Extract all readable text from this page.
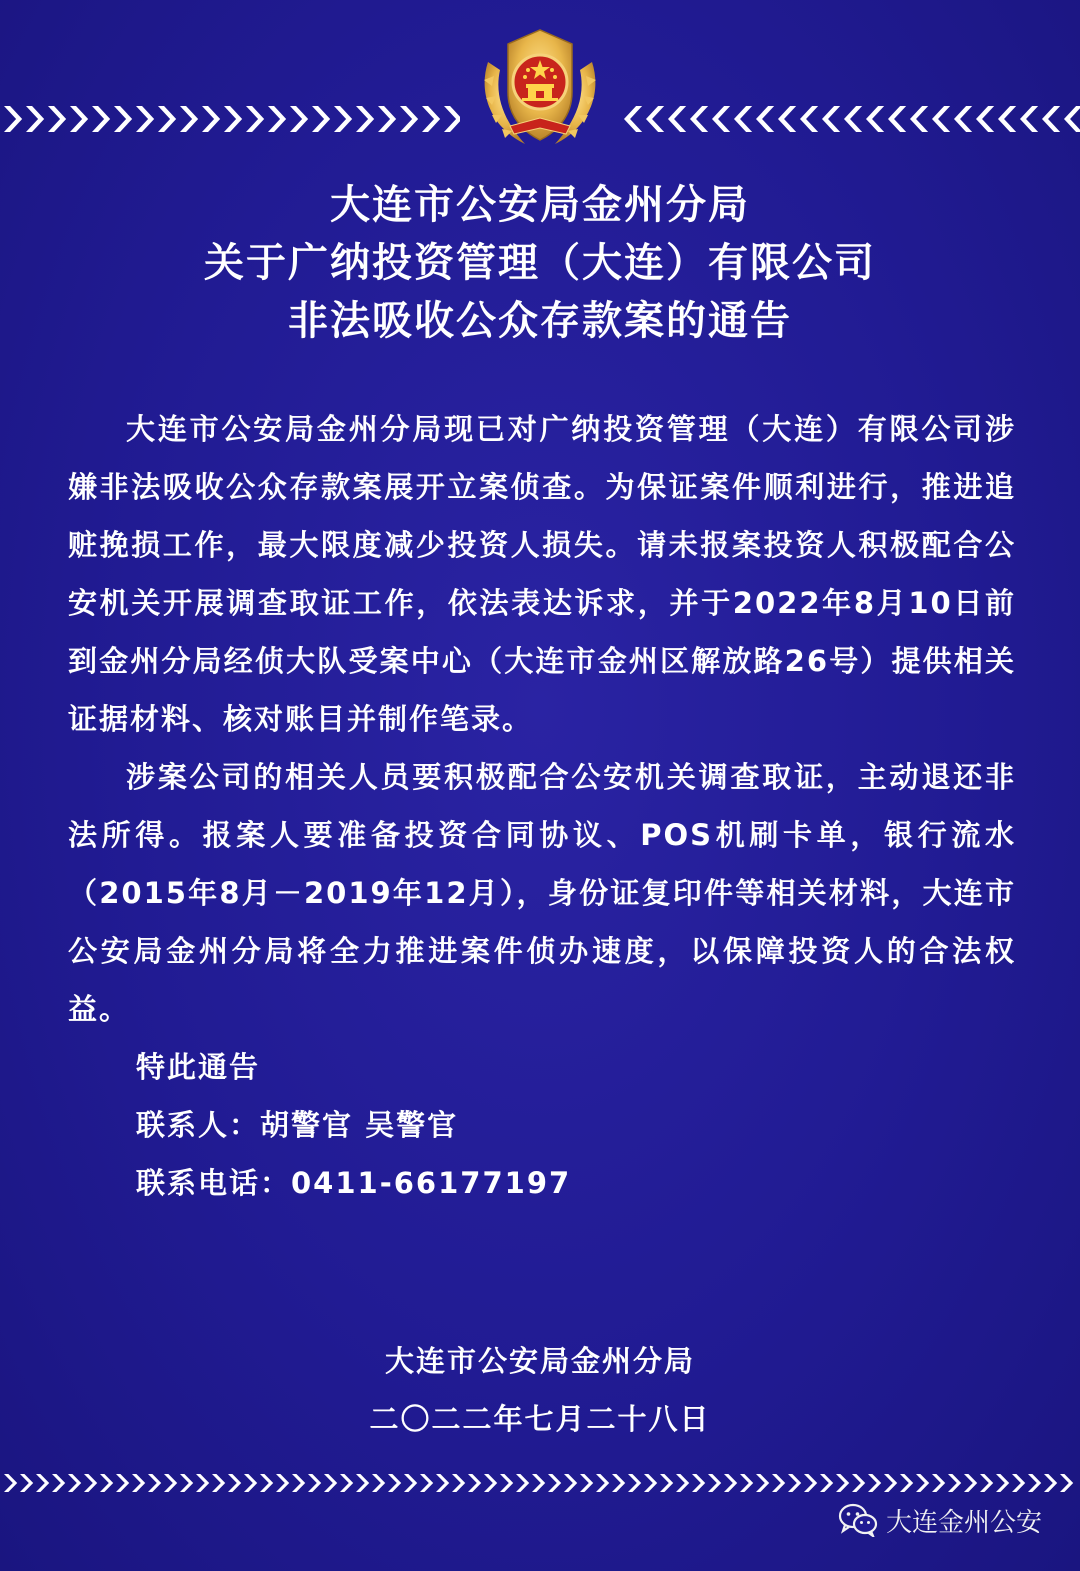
大连市公安局金州分局
关于广纳投资管理（大连）有限公司
非法吸收公众存款案的通告

大连市公安局金州分局现已对广纳投资管理（大连）有限公司涉嫌非法吸收公众存款案展开立案侦查。为保证案件顺利进行，推进追赃挽损工作，最大限度减少投资人损失。请未报案投资人积极配合公安机关开展调查取证工作，依法表达诉求，并于2022年8月10日前到金州分局经侦大队受案中心（大连市金州区解放路26号）提供相关证据材料、核对账目并制作笔录。

涉案公司的相关人员要积极配合公安机关调查取证，主动退还非法所得。报案人要准备投资合同协议、POS机刷卡单，银行流水（2015年8月－2019年12月），身份证复印件等相关材料，大连市公安局金州分局将全力推进案件侦办速度，以保障投资人的合法权益。

特此通告
联系人：胡警官 吴警官
联系电话：0411-66177197
大连市公安局金州分局
二〇二二年七月二十八日
大连金州公安
